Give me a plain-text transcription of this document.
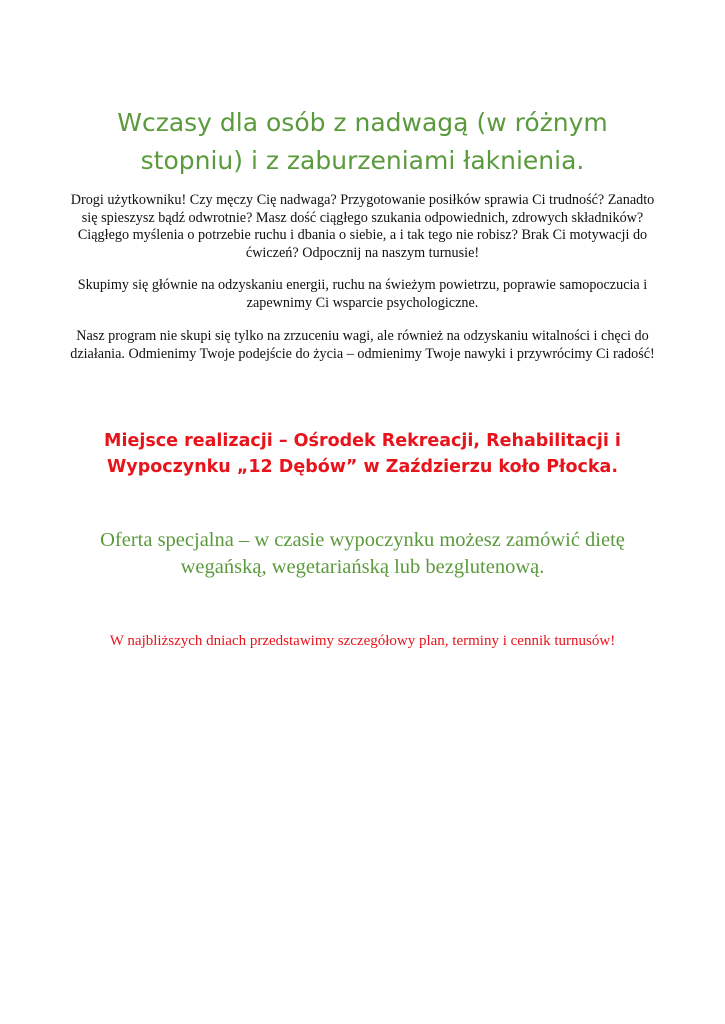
Wczasy dla osób z nadwagą (w różnym stopniu) i z zaburzeniami łaknienia.

Drogi użytkowniku! Czy męczy Cię nadwaga? Przygotowanie posiłków sprawia Ci trudność? Zanadto się spieszysz bądź odwrotnie? Masz dość ciągłego szukania odpowiednich, zdrowych składników? Ciągłego myślenia o potrzebie ruchu i dbania o siebie, a i tak tego nie robisz? Brak Ci motywacji do ćwiczeń? Odpocznij na naszym turnusie!

Skupimy się głównie na odzyskaniu energii, ruchu na świeżym powietrzu, poprawie samopoczucia i zapewnimy Ci wsparcie psychologiczne.

Nasz program nie skupi się tylko na zrzuceniu wagi, ale również na odzyskaniu witalności i chęci do działania. Odmienimy Twoje podejście do życia – odmienimy Twoje nawyki i przywrócimy Ci radość!

Miejsce realizacji – Ośrodek Rekreacji, Rehabilitacji i Wypoczynku „12 Dębów” w Zaździerzu koło Płocka.

Oferta specjalna – w czasie wypoczynku możesz zamówić dietę wegańską, wegetariańską lub bezglutenową.

W najbliższych dniach przedstawimy szczegółowy plan, terminy i cennik turnusów!
